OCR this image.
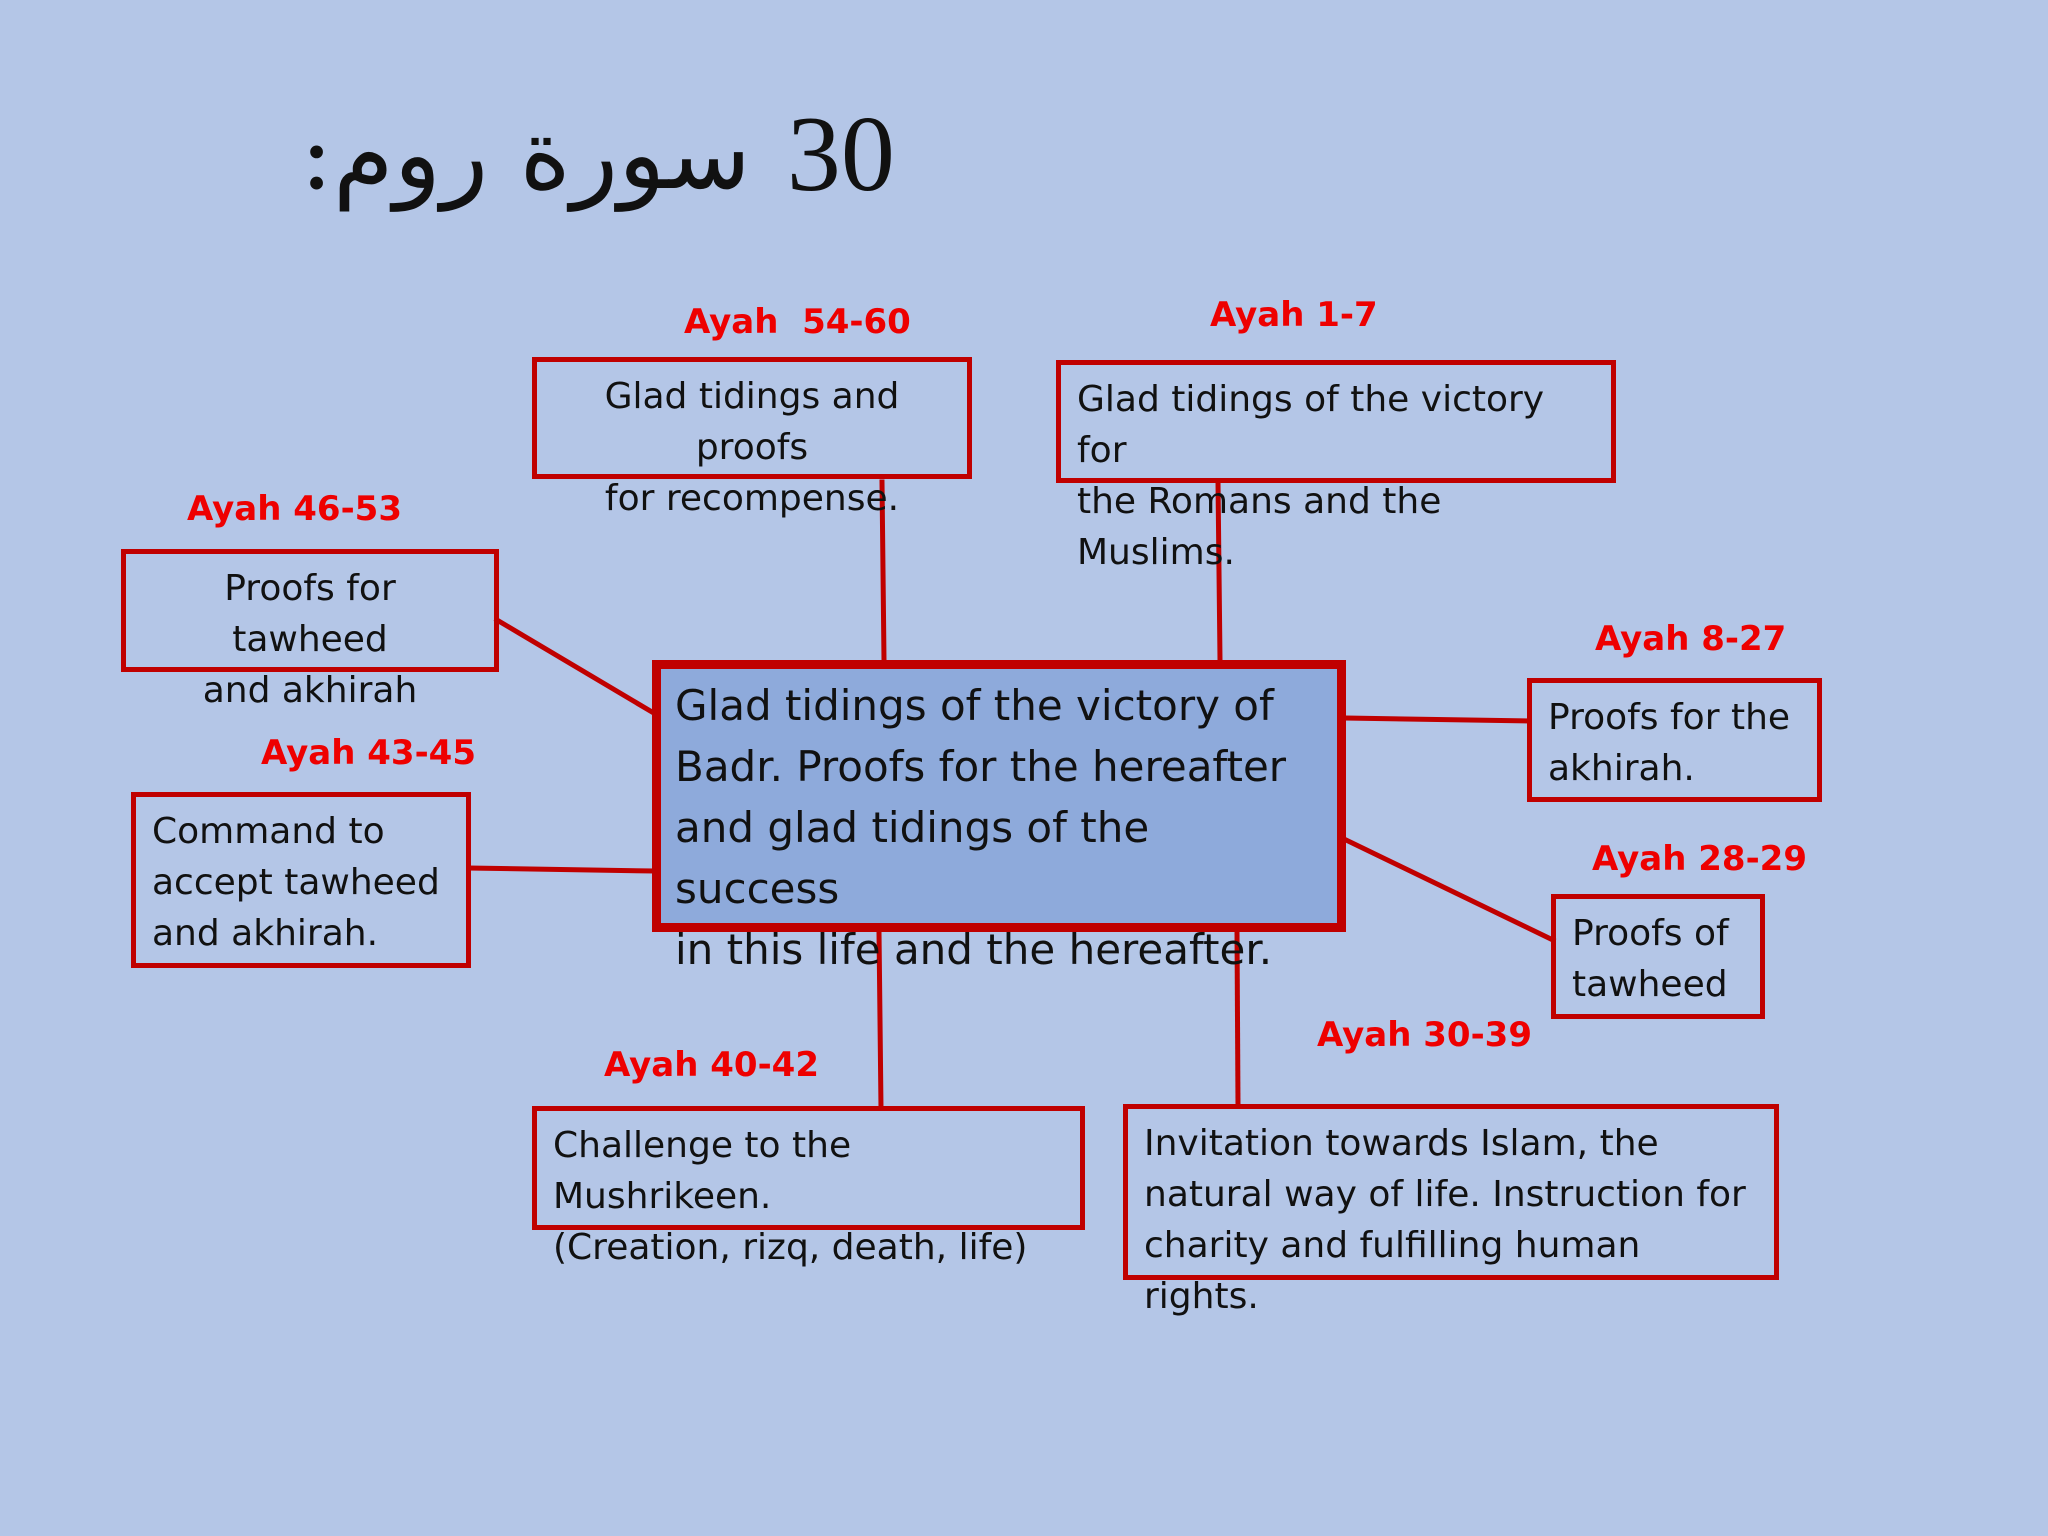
سورة روم: 30
Ayah  54-60
Glad tidings and proofs
for recompense.
Ayah 1-7
Glad tidings of the victory for
the Romans and the Muslims.
Ayah 46-53
Proofs for tawheed
and akhirah
Ayah 43-45
Command to
accept tawheed
and akhirah.
Ayah 8-27
Proofs for the
akhirah.
Ayah 28-29
Proofs of
tawheed
Ayah 40-42
Challenge to the Mushrikeen.
(Creation, rizq, death, life)
Ayah 30-39
Invitation towards Islam, the
natural way of life. Instruction for
charity and fulfilling human rights.
Glad tidings of the victory of
Badr. Proofs for the hereafter
and glad tidings of the success
in this life and the hereafter.
